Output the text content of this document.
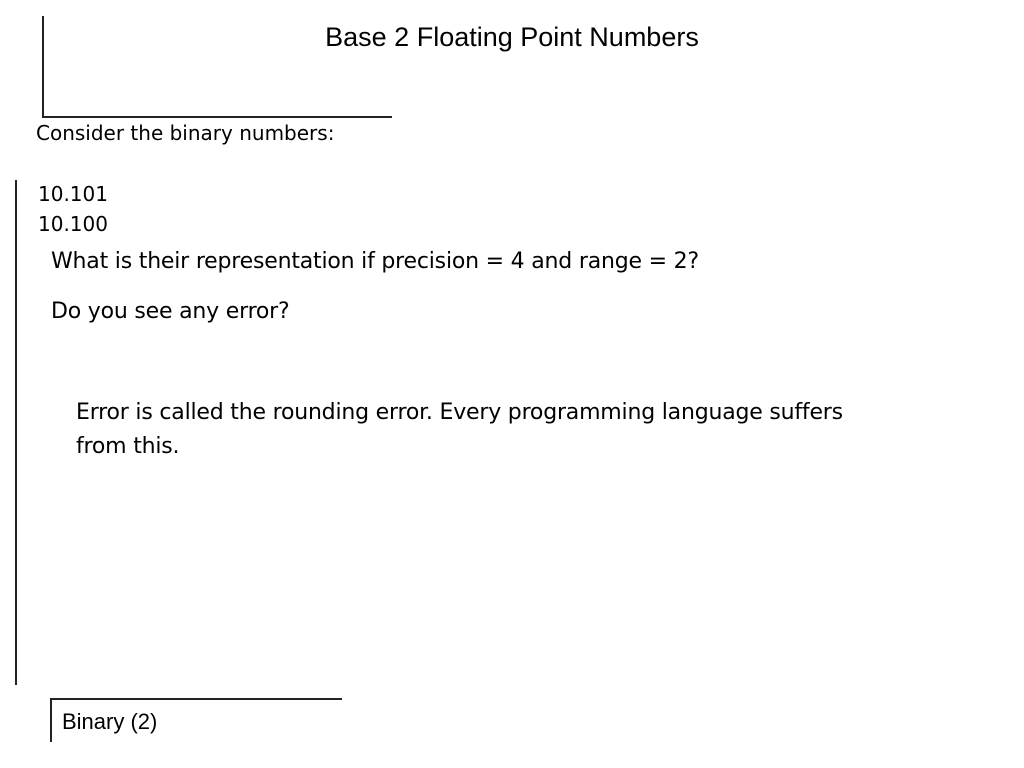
Base 2 Floating Point Numbers
Consider the binary numbers:
10.101
10.100
What is their representation if precision = 4 and range = 2?
Do you see any error?
Error is called the rounding error. Every programming language suffers
from this.
Binary (2)
